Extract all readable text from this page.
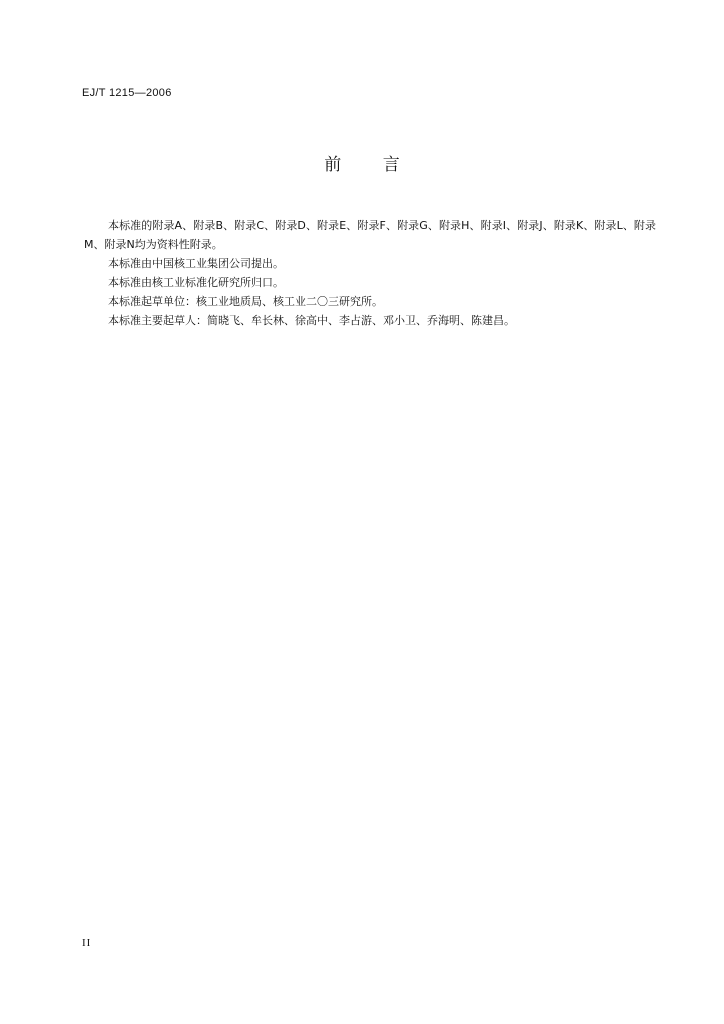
EJ/T 1215—2006
前 言

本标准的附录A、附录B、附录C、附录D、附录E、附录F、附录G、附录H、附录I、附录J、附录K、附录L、附录M、附录N均为资料性附录。

本标准由中国核工业集团公司提出。

本标准由核工业标准化研究所归口。

本标准起草单位：核工业地质局、核工业二〇三研究所。

本标准主要起草人：简晓飞、牟长林、徐高中、李占游、邓小卫、乔海明、陈建昌。

II
